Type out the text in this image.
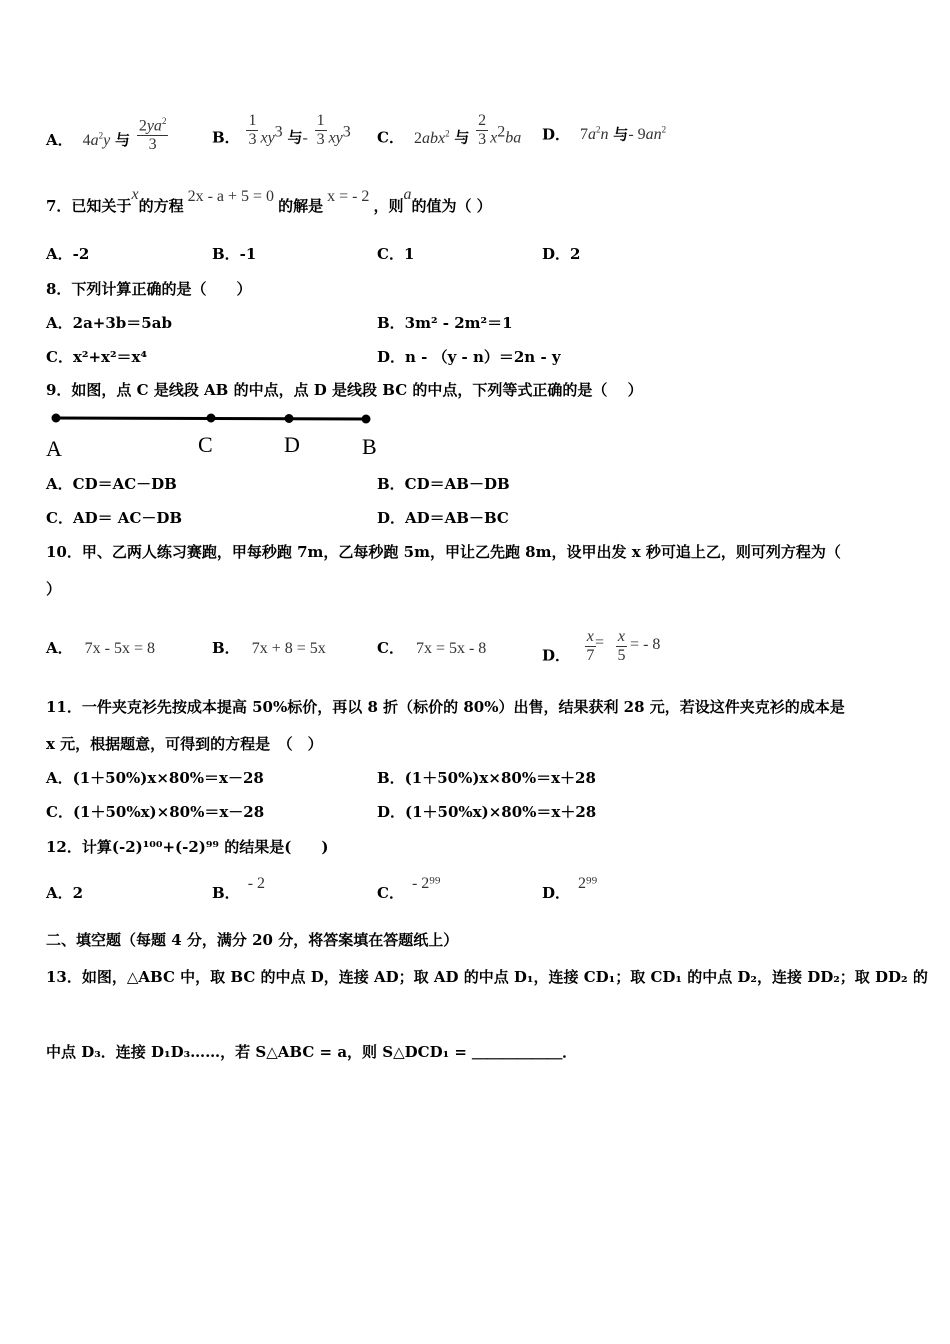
A． $4a^2y$ 与 $\frac{2ya^2}{3}$	B． $\frac{1}{3} xy^3$ 与- $\frac{1}{3} xy^3$ C． 2abx$^2$ 与 $\frac{2}{3} x^2ba$ D． $7a^2n$ 与- $9an^2$
7．已知关于x的方程2x - a + 5 = 0的解是x = - 2，则a的值为（ ）
A．-2	B．-1	C．1	D．2
8．下列计算正确的是（　　）
A．2a+3b＝5ab	B．3m² - 2m²＝1
C．x²+x²＝x⁴	D．n - （y - n）＝2n - y
9．如图，点 C 是线段 AB 的中点，点 D 是线段 BC 的中点，下列等式正确的是（　 ）
A	C	D	B
A．CD＝AC－DB	B．CD＝AB－DB
C．AD＝ AC－DB	D．AD＝AB－BC
10．甲、乙两人练习赛跑，甲每秒跑 7m，乙每秒跑 5m，甲让乙先跑 8m，设甲出发 x 秒可追上乙，则可列方程为（
）
A． 7x - 5x = 8	B． 7x + 8 = 5x	C． 7x = 5x - 8	D． $\frac{x}{7} \frac{x}{5}$
= = - 8
11．一件夹克衫先按成本提高 50%标价，再以 8 折（标价的 80%）出售，结果获利 28 元，若设这件夹克衫的成本是
x 元，根据题意，可得到的方程是　（　）
A．(1＋50%)x×80%＝x－28	B．(1＋50%)x×80%＝x＋28
C．(1＋50%x)×80%＝x－28	D．(1＋50%x)×80%＝x＋28
12．计算(-2)¹⁰⁰+(-2)⁹⁹ 的结果是(　　)
A．2	B．- 2
C．- 2⁹⁹
D．2⁹⁹
二、填空题（每题 4 分，满分 20 分，将答案填在答题纸上）
13．如图，△ABC 中，取 BC 的中点 D，连接 AD；取 AD 的中点 D₁，连接 CD₁；取 CD₁ 的中点 D₂，连接 DD₂；取 DD₂ 的
中点 D₃．连接 D₁D₃……，若 S△ABC = a，则 S△DCD₁ = ＿＿＿＿＿＿．
